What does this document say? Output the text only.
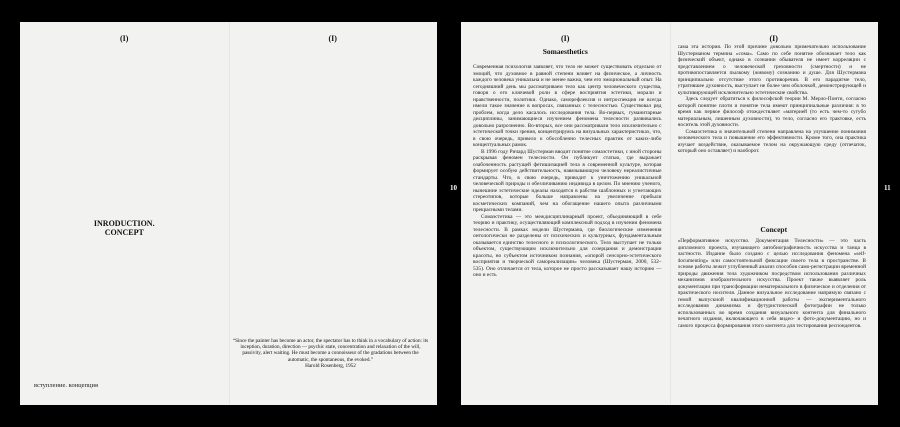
(I)
INRODUCTION.
CONCEPT
вступление. концепция
(I)
“Since the painter has become an actor, the spectator has to think in a vocabulary of action: its inception, duration, direction — psychic state, concentration and relaxation of the will, passivity, alert waiting. He must become a connoisseur of the gradations between the automatic, the spontaneous, the evoked.”
Harold Rosenberg, 1952
10	11
(I)
Somaesthetics

Современная психология заявляет, что тело не может существовать отдельно от эмоций, что духовное в равной степени влияет на физическое, а личность каждого человека уникальна и не менее важна, чем его эмоциональный опыт. На сегодняшний день мы рассматриваем тело как центр человеческого существа, говоря о его ключевой роли в сфере восприятия эстетики, морали и нравственности, политики. Однако, саморефлексия и интроспекция не всегда имели такое значение в вопросах, связанных с телесностью. Существовал ряд проблем, когда дело касалось исследования тела. Во-первых, гуманитарные дисциплины, занимающиеся изучением феномена телесности развивались довольно разрозненно. Во-вторых, все они рассматривали тело исключительно с эстетической точки зрения, концентрируясь на визуальных характеристиках, что, в свою очередь, привело к обособленно телесных практик от каких-либо концептуальных рамок.

В 1996 году Ричард Шустерман вводит понятие сомаэстетики, с иной стороны раскрывая феномен телесности. Он публикует статью, где выражает озабоченность растущей фетишизацией тела в современной культуре, которая формирует особую действительность, навязывающую человеку нереалистичные стандарты. Что, в свою очередь, приводит к уничтожению уникальной человеческой природы и обезличиванию индивида в целом. По мнению ученого, нынешние эстетические идеалы находятся в рабстве шаблонных и угнетающих стереотипов, которые больше направлены на увеличение прибыли косметических компаний, чем на обогащение нашего опыта различными прекрасными телами.

Сомаэстетика — это междисциплинарный проект, объединяющий в себе теорию и практику, осуществляющий комплексный подход в изучении феномена телесности. В рамках модели Шустермана, где биологические изменения онтологически не разделены от психических и культурных, фундаментальным оказывается единство телесного и психологического. Тело выступает не только объектом, существующим исключительно для созерцания и демонстрации красоты, но субъектом источником познания, «опорой сенсорно-эстетического восприятия и творческой самореализации» человека (Шустерман, 2000, 532–535). Оно отличается от тела, которое не просто рассказывает нашу историю — оно и есть

(I)

сама эта история. По этой причине довольно примечательно использование Шустерманом термина «сома». Само по себе понятие обозначает тело как физический объект, однако в сознании обывателя не имеет корреляции с представлением о человеческой греховности (смертности) и не противопоставляется пылкому (живому) сознанию и душе. Для Шустермана принципиально отсутствие этого противоречия. В его парадигме тело, утратившее духовность, выступает не более чем оболочкой, демонстрирующей и культивирующей исключительно эстетические свойства.

Здесь следует обратиться к философской теории М. Мерло-Понти, согласно которой понятие плоти и понятие тела имеют принципиальные различия: в то время как первое философ отождествляет «материей (то есть чем-то сугубо материальным, лишенным духовности), то тело, согласно его трактовке, есть носитель этой духовности.

Сомаэстетика в значительной степени направлена на улучшение понимания человеческого тела и повышение его эффективности. Кроме того, она практика изучает воздействие, оказываемое телом на окружающую среду (отпечаток, который оно оставляет) и наоборот.

Concept

«Перформативное искусство. Документация Телесности» — это часть дипломного проекта, изучающего автобиографичность искусства и танца в частности. Издание было создано с целью исследования феномена «self-documenting» или самостоятельной фиксации своего тела в пространстве. В основе работы лежит углубленный анализ способов само-регистрации временной природы движения тела художником посредством использования различных механизмов изобразительного искусства. Проект также выявляет роль документации при трансформации нематериального в физическое и отделения от практического носителя. Данное визуальное исследование напрямую связано с темой выпускной квалификационной работы — экспериментального исследования динамизма и футуристической фотографии не только использованных во время создания визуального контента для финального печатного издания, включающего в себя видео- и фото-документацию, но и самого процесса формирования этого контента для тестирования респондентов.
